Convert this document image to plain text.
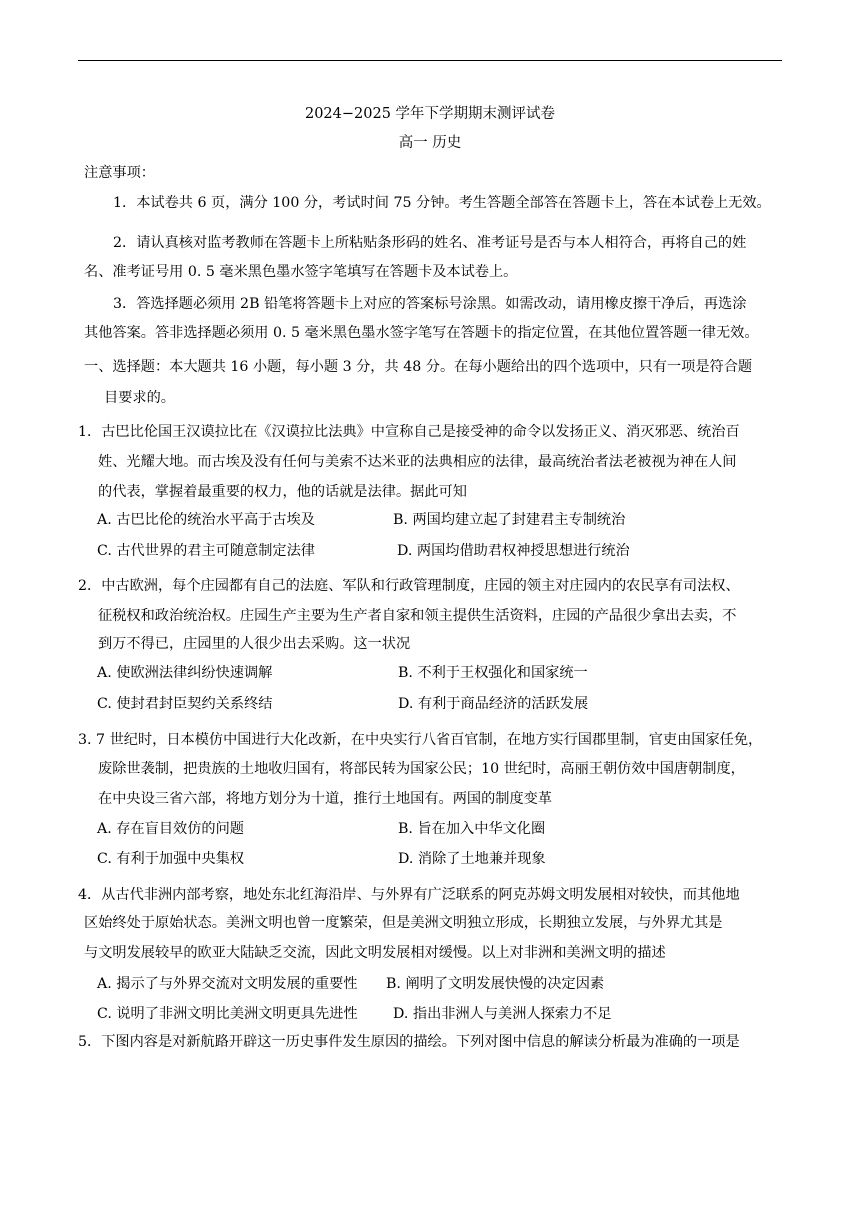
2024−2025 学年下学期期末测评试卷
高一 历史
注意事项：
1．本试卷共 6 页，满分 100 分，考试时间 75 分钟。考生答题全部答在答题卡上，答在本试卷上无效。
2．请认真核对监考教师在答题卡上所粘贴条形码的姓名、准考证号是否与本人相符合，再将自己的姓
名、准考证号用 0. 5 毫米黑色墨水签字笔填写在答题卡及本试卷上。
3．答选择题必须用 2B 铅笔将答题卡上对应的答案标号涂黑。如需改动，请用橡皮擦干净后，再选涂
其他答案。答非选择题必须用 0. 5 毫米黑色墨水签字笔写在答题卡的指定位置，在其他位置答题一律无效。
一、选择题：本大题共 16 小题，每小题 3 分，共 48 分。在每小题给出的四个选项中，只有一项是符合题
目要求的。
1．古巴比伦国王汉谟拉比在《汉谟拉比法典》中宣称自己是接受神的命令以发扬正义、消灭邪恶、统治百
姓、光耀大地。而古埃及没有任何与美索不达米亚的法典相应的法律，最高统治者法老被视为神在人间
的代表，掌握着最重要的权力，他的话就是法律。据此可知
A. 古巴比伦的统治水平高于古埃及	B. 两国均建立起了封建君主专制统治
C. 古代世界的君主可随意制定法律	D. 两国均借助君权神授思想进行统治
2．中古欧洲，每个庄园都有自己的法庭、军队和行政管理制度，庄园的领主对庄园内的农民享有司法权、
征税权和政治统治权。庄园生产主要为生产者自家和领主提供生活资料，庄园的产品很少拿出去卖，不
到万不得已，庄园里的人很少出去采购。这一状况
A. 使欧洲法律纠纷快速调解	B. 不利于王权强化和国家统一
C. 使封君封臣契约关系终结	D. 有利于商品经济的活跃发展
3. 7 世纪时，日本模仿中国进行大化改新，在中央实行八省百官制，在地方实行国郡里制，官吏由国家任免，
废除世袭制，把贵族的土地收归国有，将部民转为国家公民；10 世纪时，高丽王朝仿效中国唐朝制度，
在中央设三省六部，将地方划分为十道，推行土地国有。两国的制度变革
A. 存在盲目效仿的问题	B. 旨在加入中华文化圈
C. 有利于加强中央集权	D. 消除了土地兼并现象
4．从古代非洲内部考察，地处东北红海沿岸、与外界有广泛联系的阿克苏姆文明发展相对较快，而其他地
区始终处于原始状态。美洲文明也曾一度繁荣，但是美洲文明独立形成，长期独立发展，与外界尤其是
与文明发展较早的欧亚大陆缺乏交流，因此文明发展相对缓慢。以上对非洲和美洲文明的描述
A. 揭示了与外界交流对文明发展的重要性 B. 阐明了文明发展快慢的决定因素
C. 说明了非洲文明比美洲文明更具先进性 D. 指出非洲人与美洲人探索力不足
5．下图内容是对新航路开辟这一历史事件发生原因的描绘。下列对图中信息的解读分析最为准确的一项是
